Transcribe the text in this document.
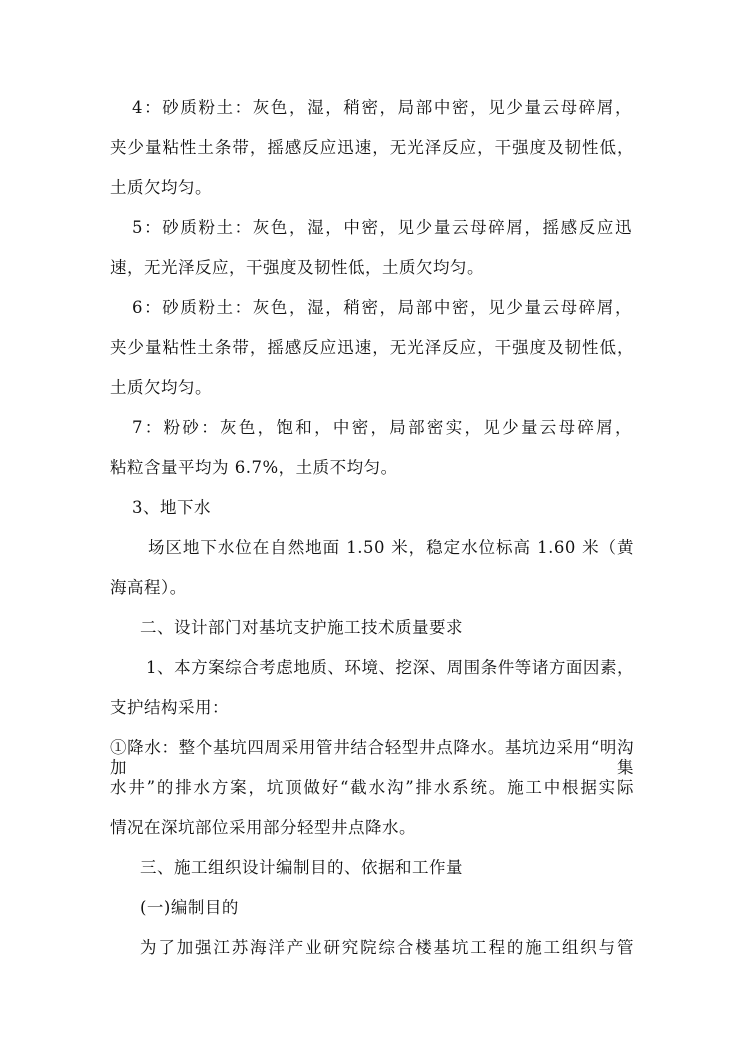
4：砂质粉土：灰色，湿，稍密，局部中密，见少量云母碎屑，
夹少量粘性土条带，摇感反应迅速，无光泽反应，干强度及韧性低，
土质欠均匀。
5：砂质粉土：灰色，湿，中密，见少量云母碎屑，摇感反应迅
速，无光泽反应，干强度及韧性低，土质欠均匀。
6：砂质粉土：灰色，湿，稍密，局部中密，见少量云母碎屑，
夹少量粘性土条带，摇感反应迅速，无光泽反应，干强度及韧性低，
土质欠均匀。
7：粉砂：灰色，饱和，中密，局部密实，见少量云母碎屑，
粘粒含量平均为 6.7%，土质不均匀。
3、地下水
场区地下水位在自然地面 1.50 米，稳定水位标高 1.60 米（黄
海高程）。
二、设计部门对基坑支护施工技术质量要求
1、本方案综合考虑地质、环境、挖深、周围条件等诸方面因素，
支护结构采用：
①降水：整个基坑四周采用管井结合轻型井点降水。基坑边采用“明沟加集
水井”的排水方案，坑顶做好“截水沟”排水系统。施工中根据实际
情况在深坑部位采用部分轻型井点降水。
三、施工组织设计编制目的、依据和工作量
(一)编制目的
为了加强江苏海洋产业研究院综合楼基坑工程的施工组织与管
